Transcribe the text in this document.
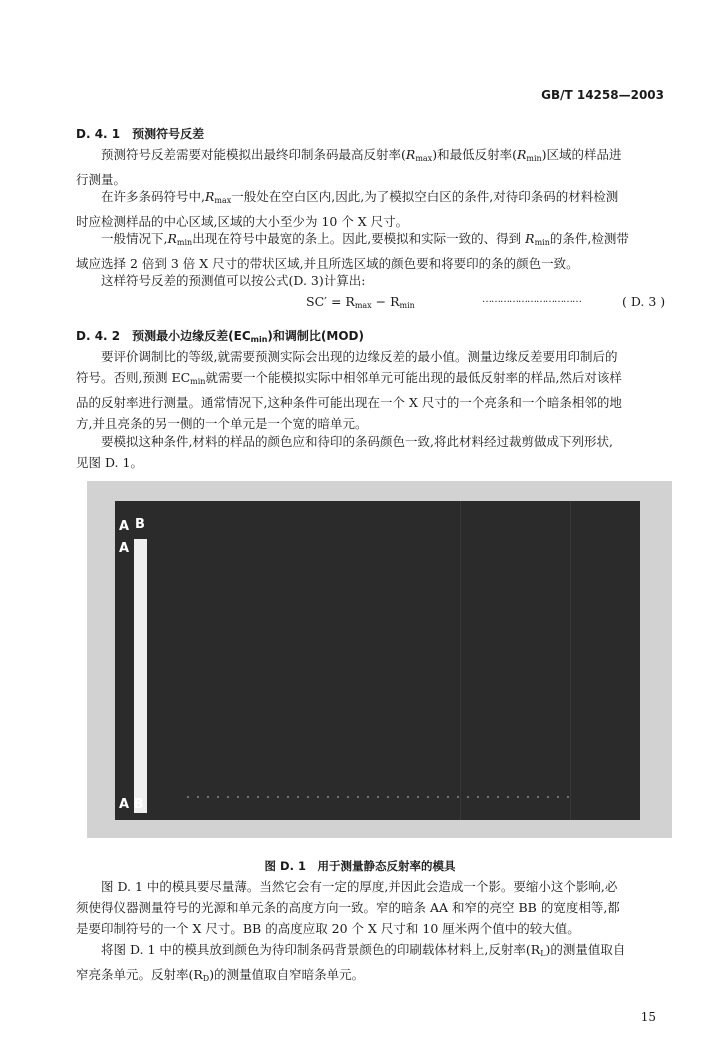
GB/T 14258—2003
D. 4. 1　预测符号反差
预测符号反差需要对能模拟出最终印制条码最高反射率$(R_{max})$和最低反射率$(R_{min})$区域的样品进
行测量。
在许多条码符号中$,R_{max}$一般处在空白区内,因此,为了模拟空白区的条件,对待印条码的材料检测
时应检测样品的中心区域,区域的大小至少为 10 个 X 尺寸。
一般情况下$,R_{min}$出现在符号中最宽的条上。因此,要模拟和实际一致的、得到 $R_{min}$的条件,检测带
域应选择 2 倍到 3 倍 X 尺寸的带状区域,并且所选区域的颜色要和将要印的条的颜色一致。
这样符号反差的预测值可以按公式(D. 3)计算出:
$SC' = R_{max} - R_{min}$
……………………………	( D. 3 )
D. 4. 2　预测最小边缘反差$(EC_{min})$和调制比(MOD)
要评价调制比的等级,就需要预测实际会出现的边缘反差的最小值。测量边缘反差要用印制后的
符号。否则,预测 $EC_{min}$就需要一个能模拟实际中相邻单元可能出现的最低反射率的样品,然后对该样
品的反射率进行测量。通常情况下,这种条件可能出现在一个 X 尺寸的一个亮条和一个暗条相邻的地
方,并且亮条的另一侧的一个单元是一个宽的暗单元。
要模拟这种条件,材料的样品的颜色应和待印的条码颜色一致,将此材料经过裁剪做成下列形状,
见图 D. 1。
A B
A
A B
图 D. 1　用于测量静态反射率的模具
图 D. 1 中的模具要尽量薄。当然它会有一定的厚度,并因此会造成一个影。要缩小这个影响,必
须使得仪器测量符号的光源和单元条的高度方向一致。窄的暗条 AA 和窄的亮空 BB 的宽度相等,都
是要印制符号的一个 X 尺寸。BB 的高度应取 20 个 X 尺寸和 10 厘米两个值中的较大值。
将图 D. 1 中的模具放到颜色为待印制条码背景颜色的印刷载体材料上,反射率$(R_L)$的测量值取自
窄亮条单元。反射率$(R_D)$的测量值取自窄暗条单元。
15
